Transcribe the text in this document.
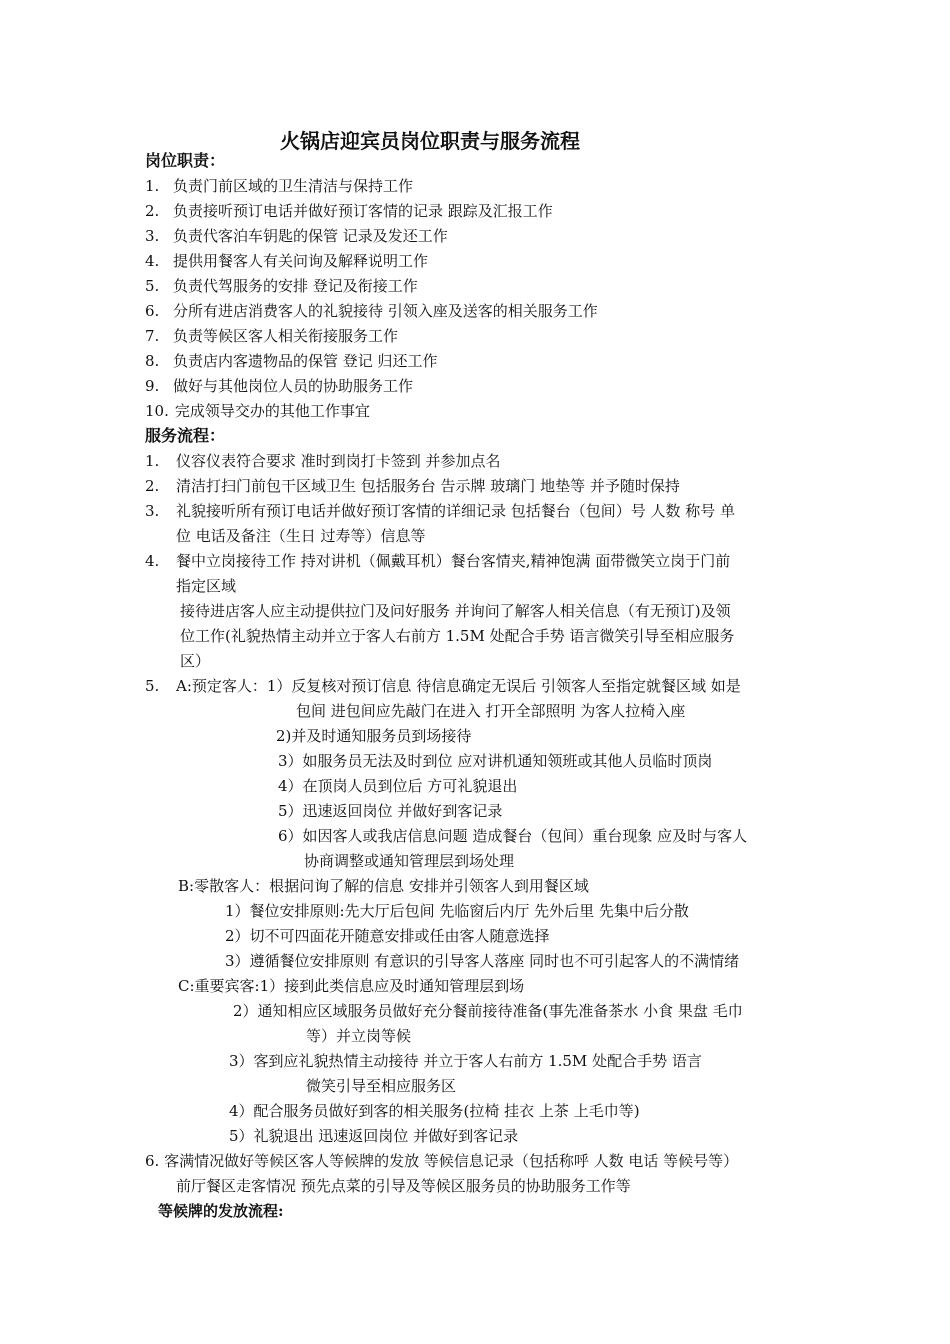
火锅店迎宾员岗位职责与服务流程
岗位职责：
1. 负责门前区域的卫生清洁与保持工作
2. 负责接听预订电话并做好预订客情的记录 跟踪及汇报工作
3. 负责代客泊车钥匙的保管 记录及发还工作
4. 提供用餐客人有关问询及解释说明工作
5. 负责代驾服务的安排 登记及衔接工作
6. 分所有进店消费客人的礼貌接待 引领入座及送客的相关服务工作
7. 负责等候区客人相关衔接服务工作
8. 负责店内客遗物品的保管 登记 归还工作
9. 做好与其他岗位人员的协助服务工作
10. 完成领导交办的其他工作事宜
服务流程：
1. 仪容仪表符合要求 准时到岗打卡签到 并参加点名
2. 清洁打扫门前包干区域卫生 包括服务台 告示牌 玻璃门 地垫等 并予随时保持
3. 礼貌接听所有预订电话并做好预订客情的详细记录 包括餐台（包间）号 人数 称号 单
位 电话及备注（生日 过寿等）信息等
4. 餐中立岗接待工作 持对讲机（佩戴耳机）餐台客情夹,精神饱满 面带微笑立岗于门前
指定区域
接待进店客人应主动提供拉门及问好服务 并询问了解客人相关信息（有无预订)及领
位工作(礼貌热情主动并立于客人右前方 1.5M 处配合手势 语言微笑引导至相应服务
区）
5. A:预定客人：1）反复核对预订信息 待信息确定无误后 引领客人至指定就餐区域 如是
包间 进包间应先敲门在进入 打开全部照明 为客人拉椅入座
2)并及时通知服务员到场接待
3）如服务员无法及时到位 应对讲机通知领班或其他人员临时顶岗
4）在顶岗人员到位后 方可礼貌退出
5）迅速返回岗位 并做好到客记录
6）如因客人或我店信息问题 造成餐台（包间）重台现象 应及时与客人
协商调整或通知管理层到场处理
B:零散客人：根据问询了解的信息 安排并引领客人到用餐区域
1）餐位安排原则:先大厅后包间 先临窗后内厅 先外后里 先集中后分散
2）切不可四面花开随意安排或任由客人随意选择
3）遵循餐位安排原则 有意识的引导客人落座 同时也不可引起客人的不满情绪
C:重要宾客:1）接到此类信息应及时通知管理层到场
2）通知相应区域服务员做好充分餐前接待准备(事先准备茶水 小食 果盘 毛巾
等）并立岗等候
3）客到应礼貌热情主动接待 并立于客人右前方 1.5M 处配合手势 语言
微笑引导至相应服务区
4）配合服务员做好到客的相关服务(拉椅 挂衣 上茶 上毛巾等)
5）礼貌退出 迅速返回岗位 并做好到客记录
6. 客满情况做好等候区客人等候牌的发放 等候信息记录（包括称呼 人数 电话 等候号等）
前厅餐区走客情况 预先点菜的引导及等候区服务员的协助服务工作等
等候牌的发放流程:
